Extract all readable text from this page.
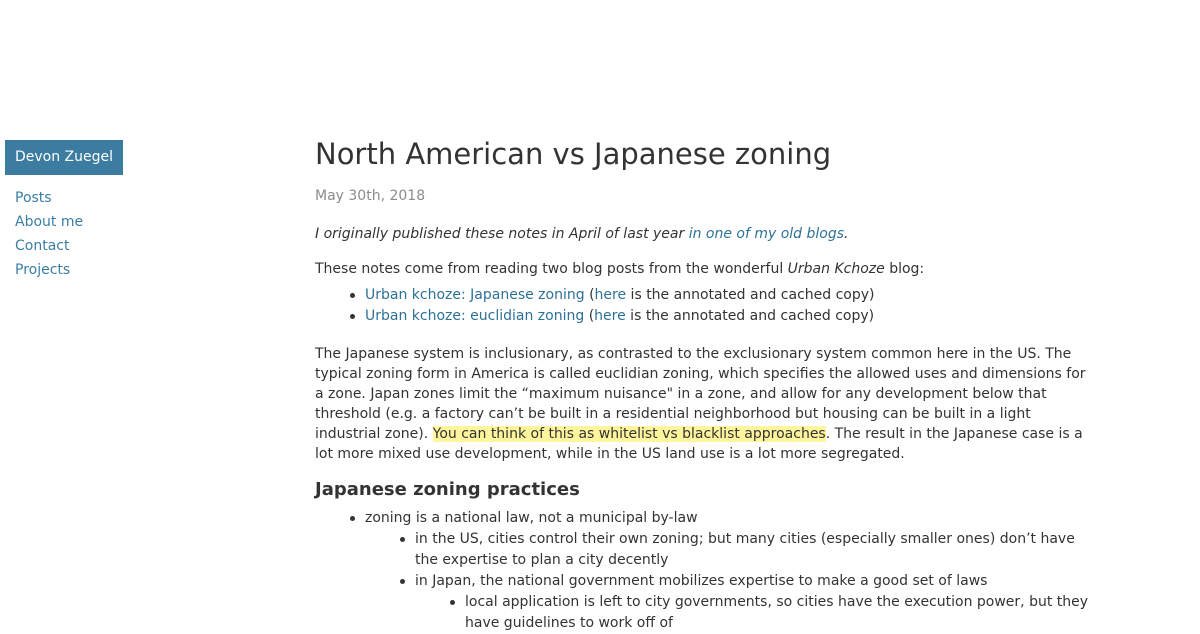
Devon Zuegel
Posts
About me
Contact
Projects
North American vs Japanese zoning
May 30th, 2018

I originally published these notes in April of last year in one of my old blogs.

These notes come from reading two blog posts from the wonderful Urban Kchoze blog:

Urban kchoze: Japanese zoning (here is the annotated and cached copy)
Urban kchoze: euclidian zoning (here is the annotated and cached copy)

The Japanese system is inclusionary, as contrasted to the exclusionary system common here in the US. The typical zoning form in America is called euclidian zoning, which specifies the allowed uses and dimensions for a zone. Japan zones limit the “maximum nuisance" in a zone, and allow for any development below that threshold (e.g. a factory can’t be built in a residential neighborhood but housing can be built in a light industrial zone). You can think of this as whitelist vs blacklist approaches. The result in the Japanese case is a lot more mixed use development, while in the US land use is a lot more segregated.

Japanese zoning practices
zoning is a national law, not a municipal by-law
in the US, cities control their own zoning; but many cities (especially smaller ones) don’t have the expertise to plan a city decently
in Japan, the national government mobilizes expertise to make a good set of laws
local application is left to city governments, so cities have the execution power, but they have guidelines to work off of
